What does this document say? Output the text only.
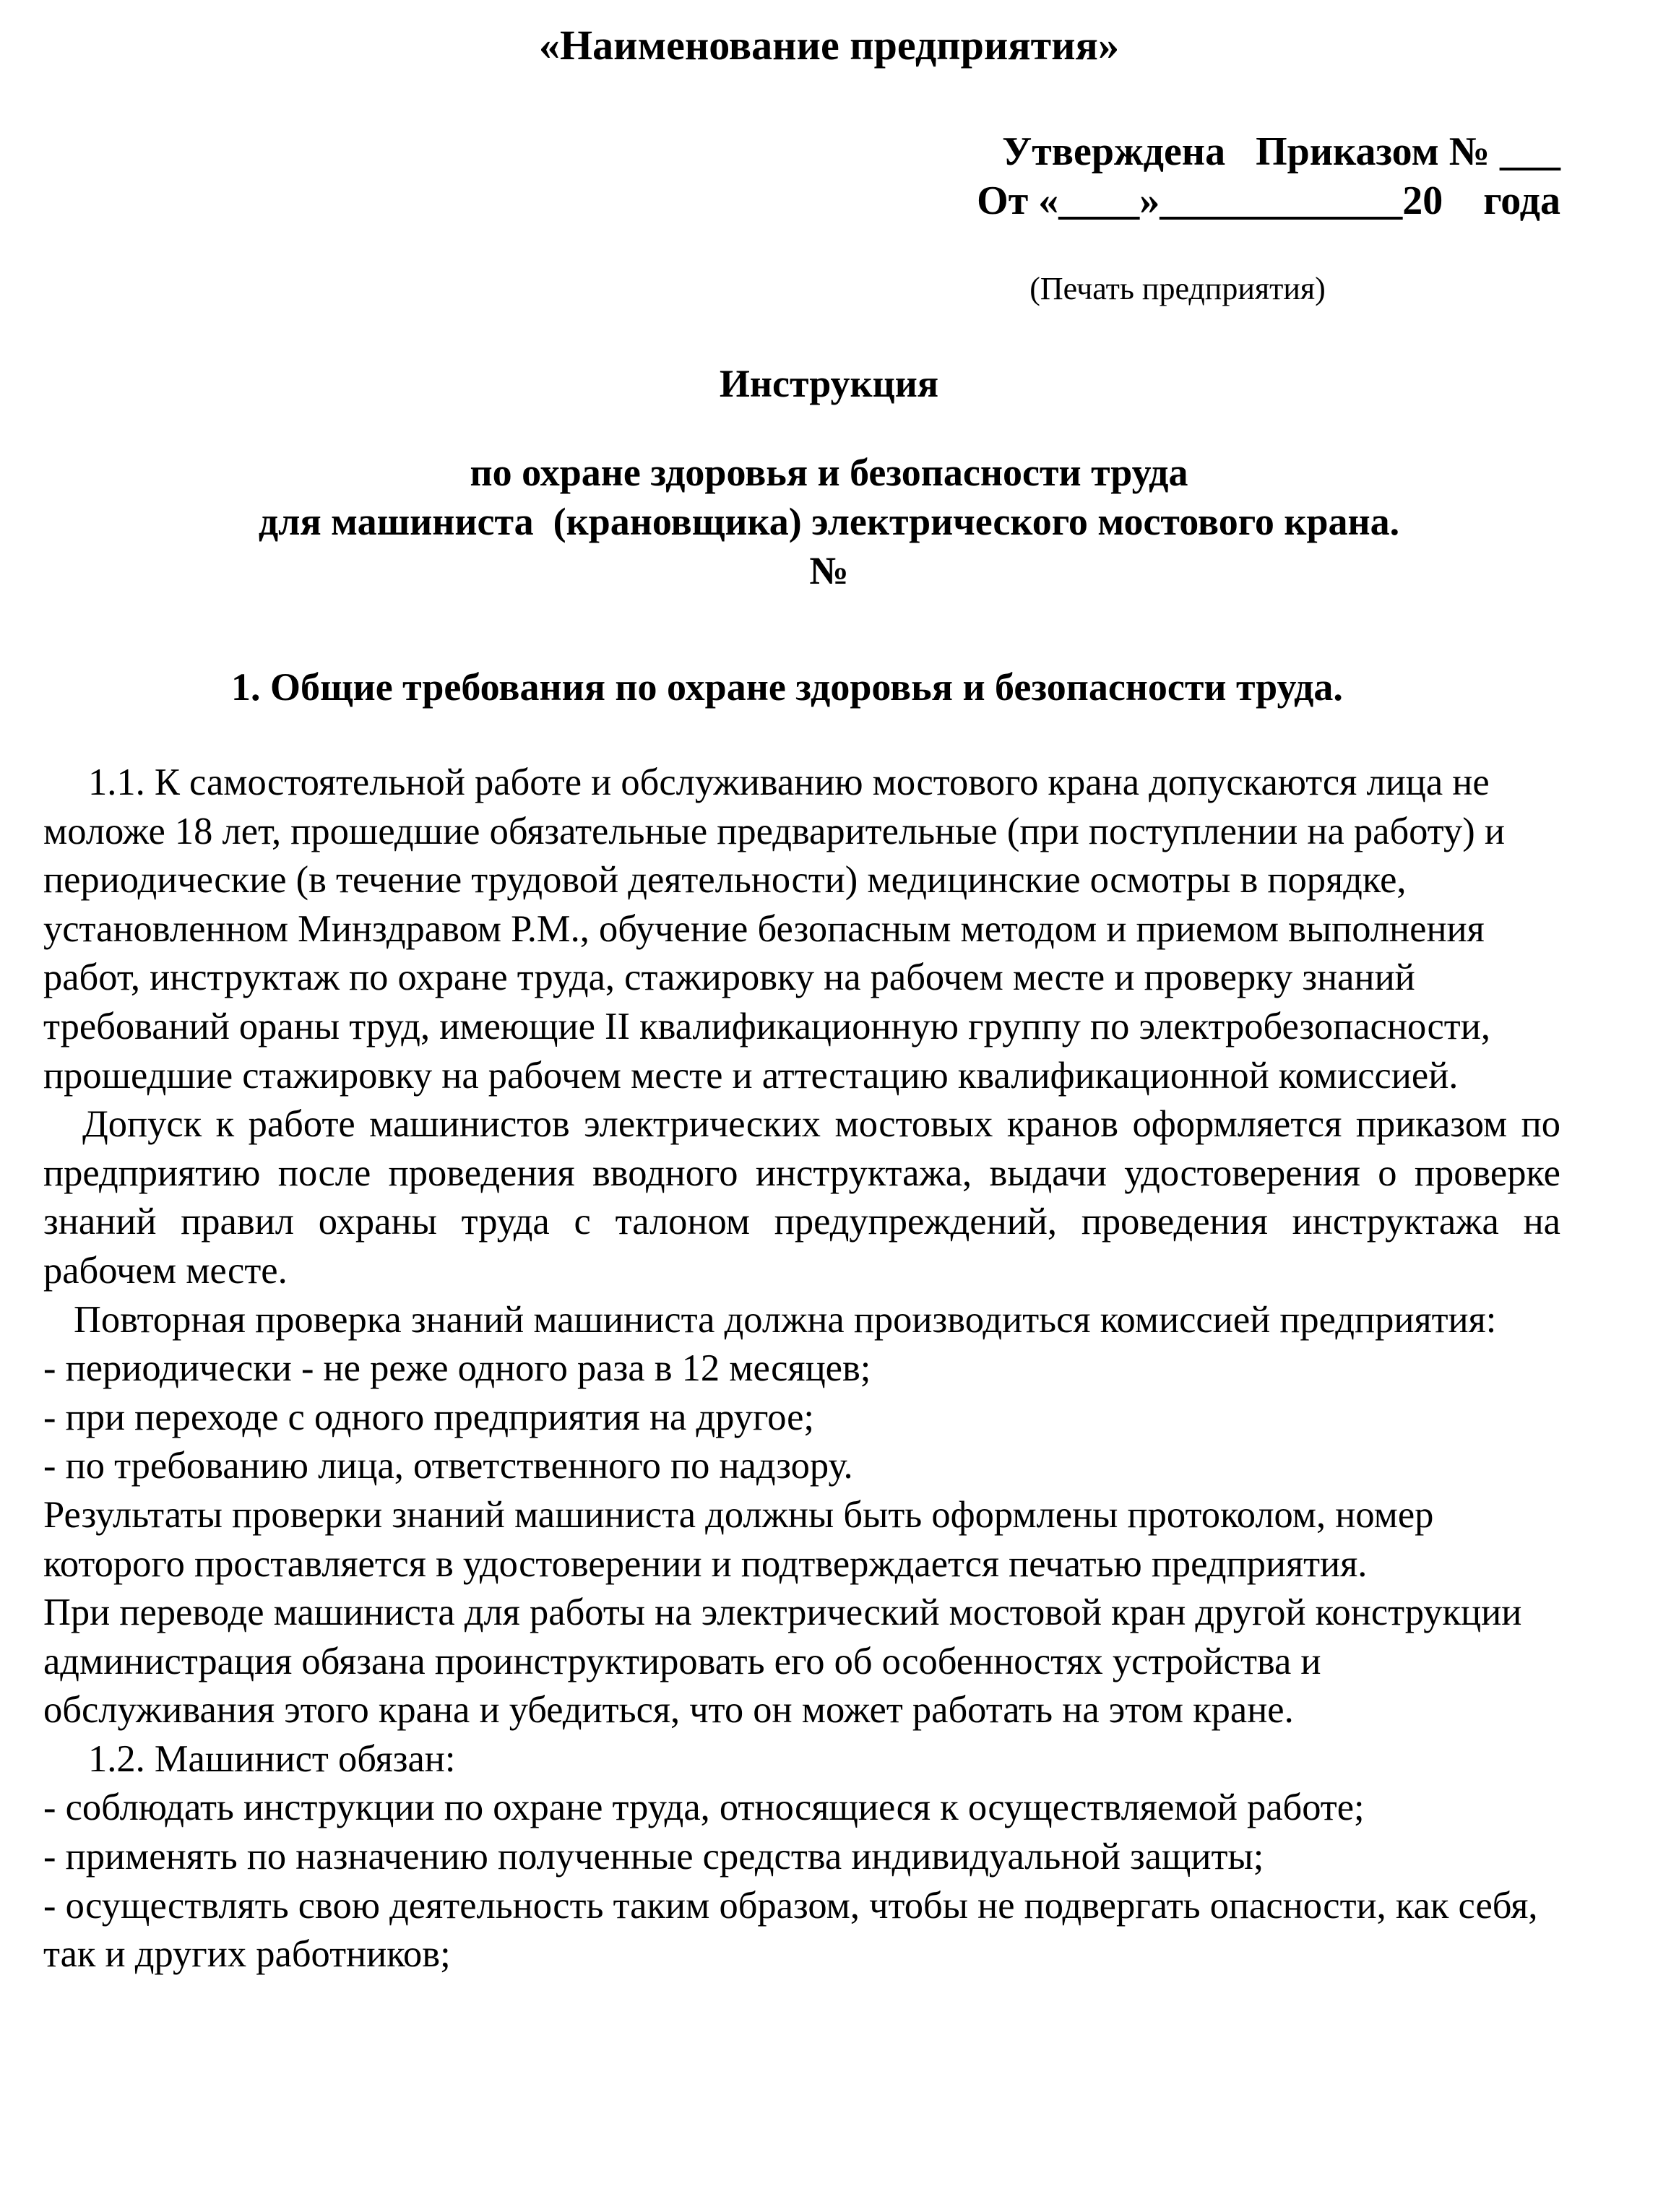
«Наименование предприятия»
Утверждена   Приказом № ___
От «____»____________20    года
(Печать предприятия)
Инструкция
по охране здоровья и безопасности труда
для машиниста  (крановщика) электрического мостового крана.
№
1. Общие требования по охране здоровья и безопасности труда.

1.1. К самостоятельной работе и обслуживанию мостового крана допускаются лица не моложе 18 лет, прошедшие обязательные предварительные (при поступлении на работу) и периодические (в течение трудовой деятельности) медицинские осмотры в порядке, установленном Минздравом Р.М., обучение безопасным методом и приемом выполнения работ, инструктаж по охране труда, стажировку на рабочем месте и проверку знаний требований ораны труд, имеющие II квалификационную группу по электробезопасности, прошедшие стажировку на рабочем месте и аттестацию квалификационной комиссией.

Допуск к работе машинистов электрических мостовых кранов оформляется приказом по предприятию после проведения вводного инструктажа, выдачи удостоверения о проверке знаний правил охраны труда с талоном предупреждений, проведения инструктажа на рабочем месте.

Повторная проверка знаний машиниста должна производиться комиссией предприятия:

- периодически - не реже одного раза в 12 месяцев;

- при переходе с одного предприятия на другое;

- по требованию лица, ответственного по надзору.

Результаты проверки знаний машиниста должны быть оформлены протоколом, номер которого проставляется в удостоверении и подтверждается печатью предприятия.

При переводе машиниста для работы на электрический мостовой кран другой конструкции администрация обязана проинструктировать его об особенностях устройства и обслуживания этого крана и убедиться, что он может работать на этом кране.

1.2. Машинист обязан:

- соблюдать инструкции по охране труда, относящиеся к осуществляемой работе;

- применять по назначению полученные средства индивидуальной защиты;

- осуществлять свою деятельность таким образом, чтобы не подвергать опасности, как себя, так и других работников;
